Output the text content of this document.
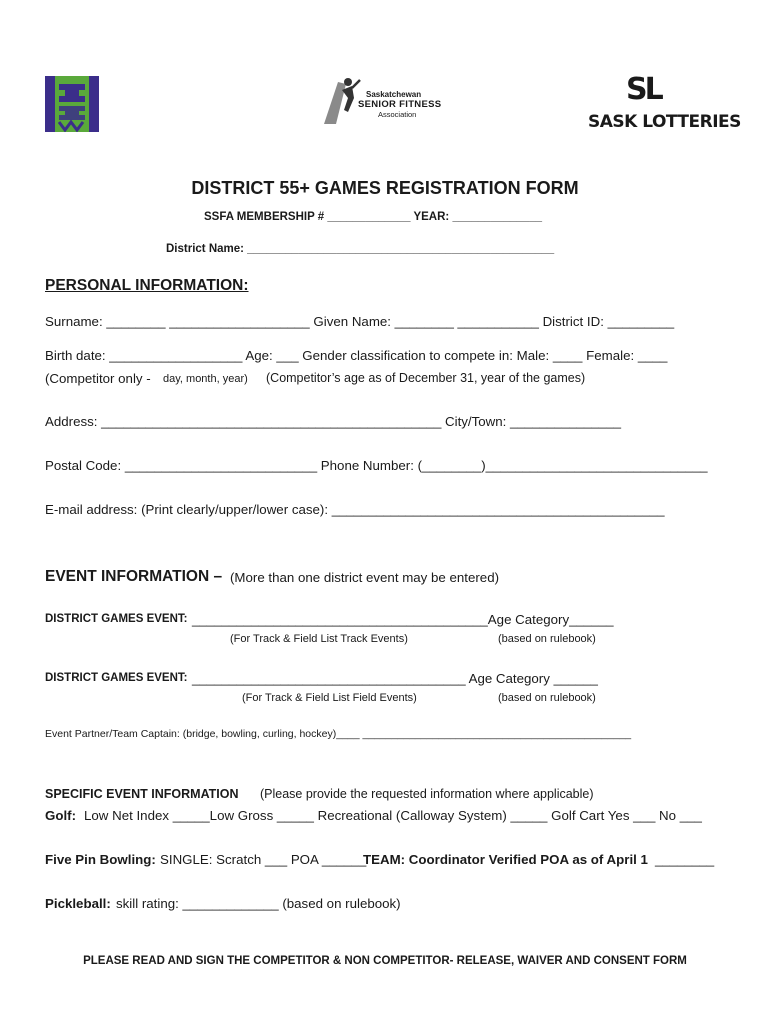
Saskatchewan
SENIOR FITNESS
Association
SL
SASK LOTTERIES
DISTRICT 55+ GAMES REGISTRATION FORM
SSFA MEMBERSHIP # _____________ YEAR: ______________
District Name: ________________________________________________
PERSONAL INFORMATION:
Surname: ________ ___________________ Given Name: ________ ___________ District ID: _________
Birth date: __________________ Age: ___ Gender classification to compete in: Male: ____ Female: ____
(Competitor only - day, month, year) (Competitor’s age as of December 31, year of the games)
Address: ______________________________________________ City/Town: _______________
Postal Code: __________________________ Phone Number: (________)______________________________
E-mail address: (Print clearly/upper/lower case): _____________________________________________
EVENT INFORMATION – (More than one district event may be entered)
DISTRICT GAMES EVENT: ________________________________________Age Category______
(For Track & Field List Track Events)	(based on rulebook)
DISTRICT GAMES EVENT: _____________________________________ Age Category ______
(For Track & Field List Field Events)	(based on rulebook)
Event Partner/Team Captain: (bridge, bowling, curling, hockey)____ ______________________________________________
SPECIFIC EVENT INFORMATION (Please provide the requested information where applicable)
Golf: Low Net Index _____Low Gross _____ Recreational (Calloway System) _____ Golf Cart Yes ___ No ___
Five Pin Bowling: SINGLE: Scratch ___ POA ______
TEAM: Coordinator Verified POA as of April 1 ________
Pickleball: skill rating: _____________ (based on rulebook)
PLEASE READ AND SIGN THE COMPETITOR & NON COMPETITOR- RELEASE, WAIVER AND CONSENT FORM
